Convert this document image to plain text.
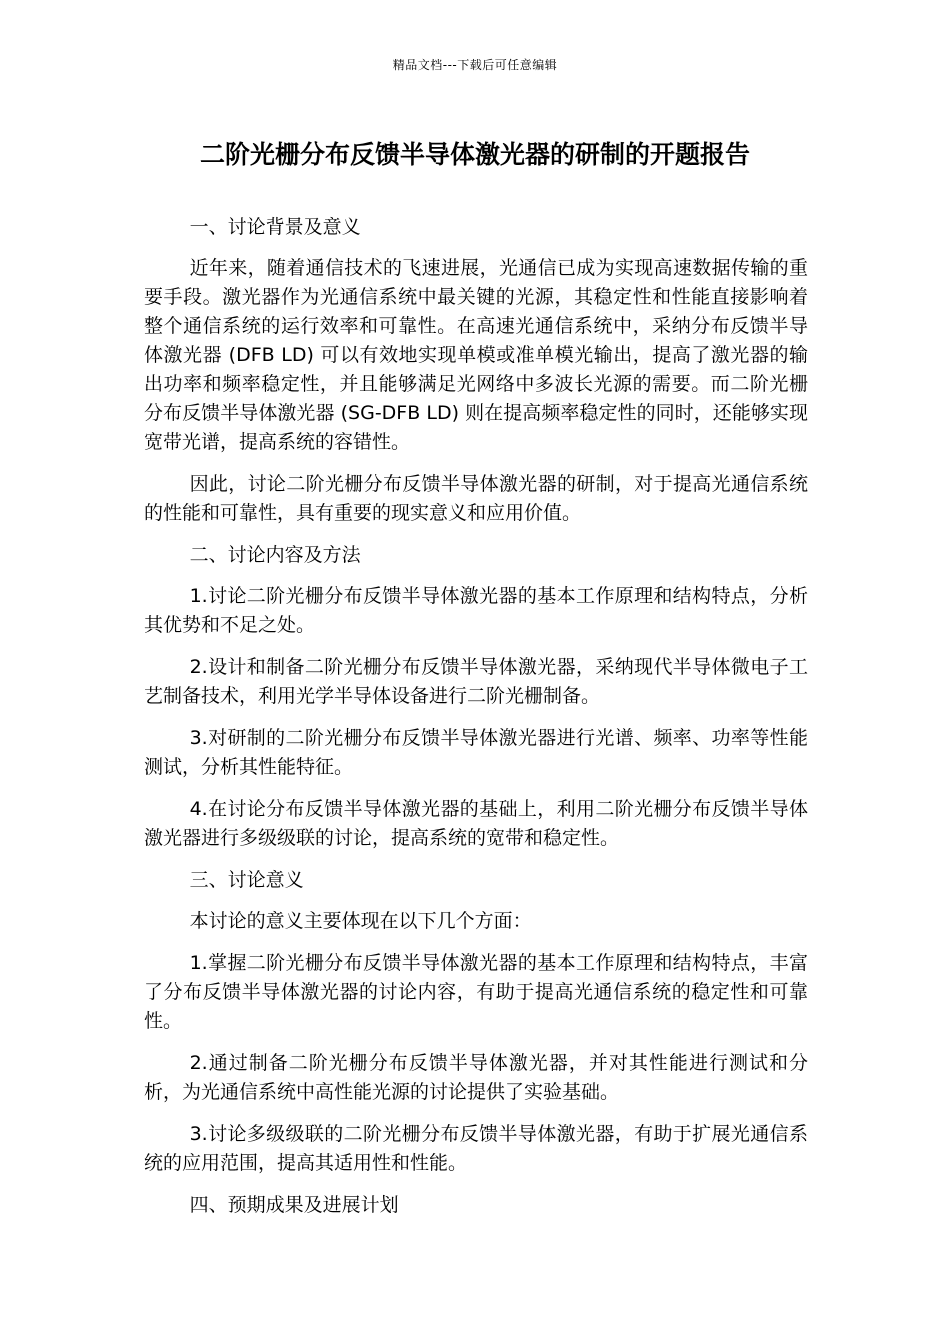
精品文档---下载后可任意编辑
二阶光栅分布反馈半导体激光器的研制的开题报告

一、讨论背景及意义

近年来，随着通信技术的飞速进展，光通信已成为实现高速数据传输的重要手段。激光器作为光通信系统中最关键的光源，其稳定性和性能直接影响着整个通信系统的运行效率和可靠性。在高速光通信系统中，采纳分布反馈半导体激光器 (DFB LD) 可以有效地实现单模或准单模光输出，提高了激光器的输出功率和频率稳定性，并且能够满足光网络中多波长光源的需要。而二阶光栅分布反馈半导体激光器 (SG-DFB LD) 则在提高频率稳定性的同时，还能够实现宽带光谱，提高系统的容错性。

因此，讨论二阶光栅分布反馈半导体激光器的研制，对于提高光通信系统的性能和可靠性，具有重要的现实意义和应用价值。

二、讨论内容及方法

1.讨论二阶光栅分布反馈半导体激光器的基本工作原理和结构特点，分析其优势和不足之处。

2.设计和制备二阶光栅分布反馈半导体激光器，采纳现代半导体微电子工艺制备技术，利用光学半导体设备进行二阶光栅制备。

3.对研制的二阶光栅分布反馈半导体激光器进行光谱、频率、功率等性能测试，分析其性能特征。

4.在讨论分布反馈半导体激光器的基础上，利用二阶光栅分布反馈半导体激光器进行多级级联的讨论，提高系统的宽带和稳定性。

三、讨论意义

本讨论的意义主要体现在以下几个方面：

1.掌握二阶光栅分布反馈半导体激光器的基本工作原理和结构特点，丰富了分布反馈半导体激光器的讨论内容，有助于提高光通信系统的稳定性和可靠性。

2.通过制备二阶光栅分布反馈半导体激光器，并对其性能进行测试和分析，为光通信系统中高性能光源的讨论提供了实验基础。

3.讨论多级级联的二阶光栅分布反馈半导体激光器，有助于扩展光通信系统的应用范围，提高其适用性和性能。

四、预期成果及进展计划
